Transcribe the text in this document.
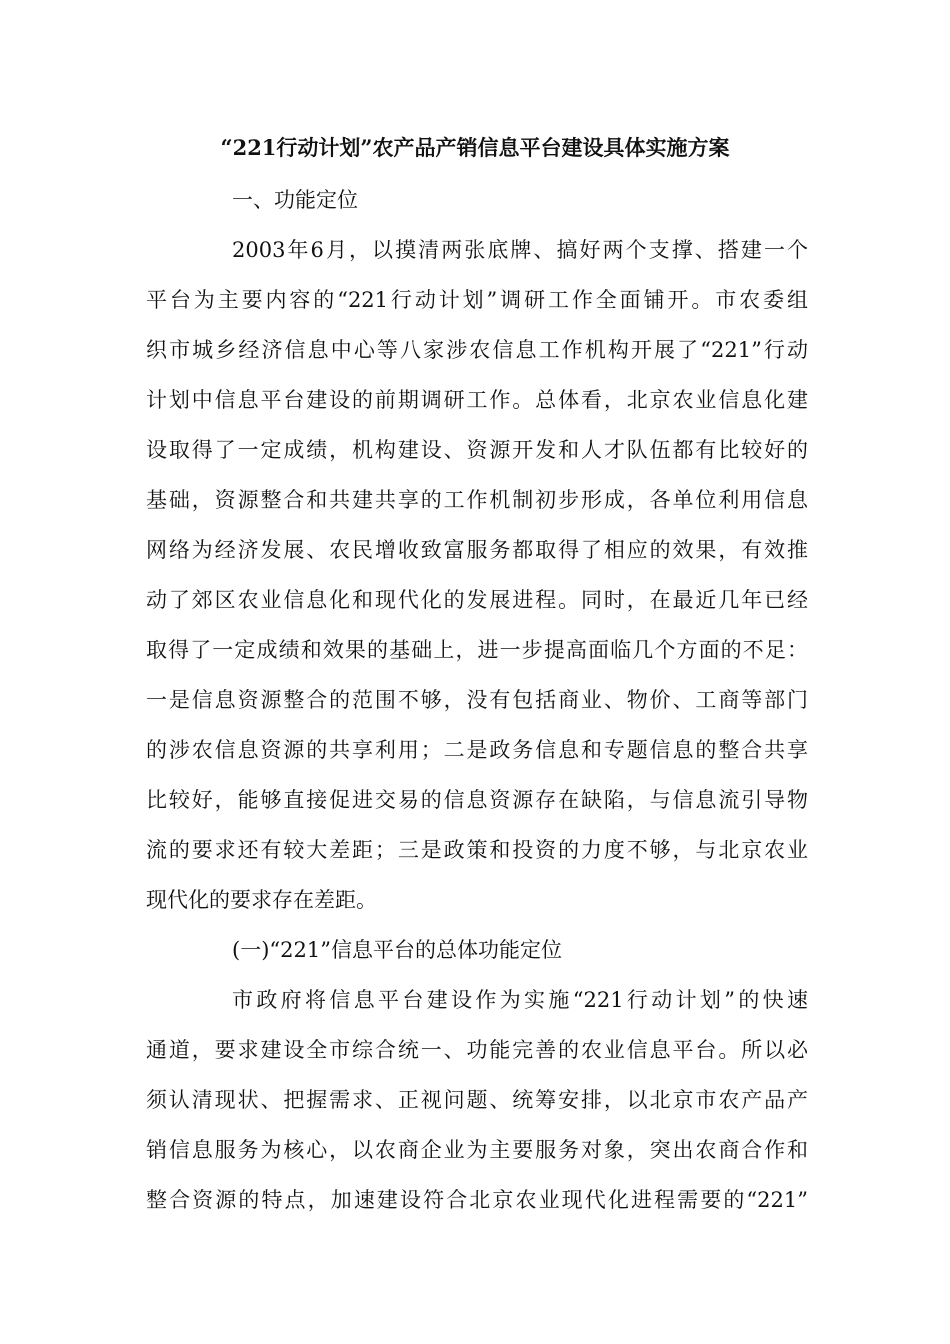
“221行动计划”农产品产销信息平台建设具体实施方案
一、功能定位
2003年6月，以摸清两张底牌、搞好两个支撑、搭建一个
平台为主要内容的“221行动计划”调研工作全面铺开。市农委组
织市城乡经济信息中心等八家涉农信息工作机构开展了“221”行动
计划中信息平台建设的前期调研工作。总体看，北京农业信息化建
设取得了一定成绩，机构建设、资源开发和人才队伍都有比较好的
基础，资源整合和共建共享的工作机制初步形成，各单位利用信息
网络为经济发展、农民增收致富服务都取得了相应的效果，有效推
动了郊区农业信息化和现代化的发展进程。同时，在最近几年已经
取得了一定成绩和效果的基础上，进一步提高面临几个方面的不足：
一是信息资源整合的范围不够，没有包括商业、物价、工商等部门
的涉农信息资源的共享利用；二是政务信息和专题信息的整合共享
比较好，能够直接促进交易的信息资源存在缺陷，与信息流引导物
流的要求还有较大差距；三是政策和投资的力度不够，与北京农业
现代化的要求存在差距。
(一)“221”信息平台的总体功能定位
市政府将信息平台建设作为实施“221行动计划”的快速
通道，要求建设全市综合统一、功能完善的农业信息平台。所以必
须认清现状、把握需求、正视问题、统筹安排，以北京市农产品产
销信息服务为核心，以农商企业为主要服务对象，突出农商合作和
整合资源的特点，加速建设符合北京农业现代化进程需要的“221”
